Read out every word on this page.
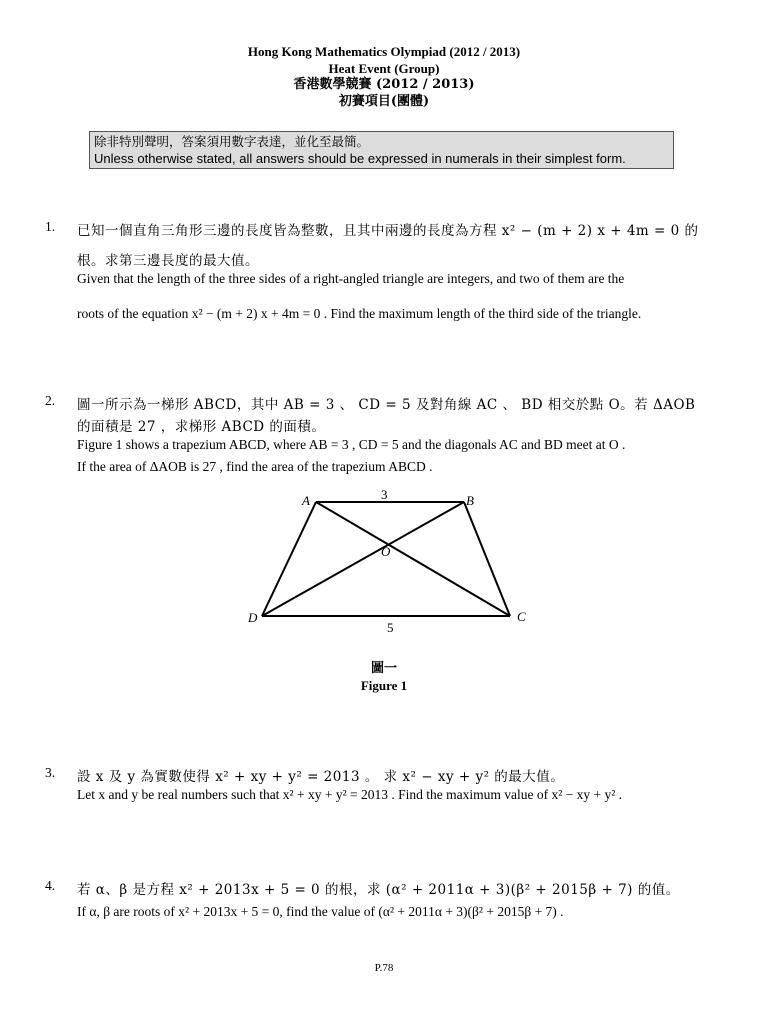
Hong Kong Mathematics Olympiad (2012 / 2013)
Heat Event (Group)
香港數學競賽 (2012 / 2013)
初賽項目(團體)
除非特別聲明，答案須用數字表達，並化至最簡。
Unless otherwise stated, all answers should be expressed in numerals in their simplest form.
1. 已知一個直角三角形三邊的長度皆為整數，且其中兩邊的長度為方程 x² − (m + 2) x + 4m = 0 的
根。求第三邊長度的最大值。
Given that the length of the three sides of a right-angled triangle are integers, and two of them are the
roots of the equation x² − (m + 2) x + 4m = 0 . Find the maximum length of the third side of the triangle.
2. 圖一所示為一梯形 ABCD，其中 AB = 3 、 CD = 5 及對角線 AC 、 BD 相交於點 O。若 ΔAOB
的面積是 27 ，求梯形 ABCD 的面積。
Figure 1 shows a trapezium ABCD, where AB = 3 , CD = 5 and the diagonals AC and BD meet at O .
If the area of ΔAOB is 27 , find the area of the trapezium ABCD .
A	B
C
D
O
3
5
圖一
Figure 1
3. 設 x 及 y 為實數使得 x² + xy + y² = 2013 。 求 x² − xy + y² 的最大值。
Let x and y be real numbers such that x² + xy + y² = 2013 . Find the maximum value of x² − xy + y² .
4. 若 α、β 是方程 x² + 2013x + 5 = 0 的根，求 (α² + 2011α + 3)(β² + 2015β + 7) 的值。
If α, β are roots of x² + 2013x + 5 = 0, find the value of (α² + 2011α + 3)(β² + 2015β + 7) .
P.78
